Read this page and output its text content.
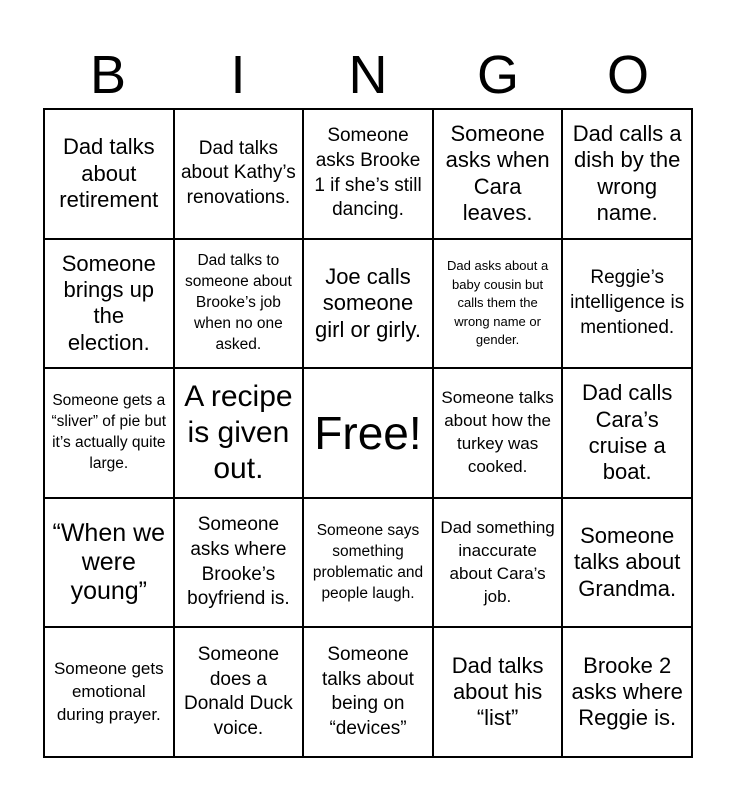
B	I	N	G	O
Dad talks about retirement
Dad talks about Kathy’s renovations.
Someone asks Brooke 1 if she’s still dancing.
Someone asks when Cara leaves.
Dad calls a dish by the wrong name.
Someone brings up the election.
Dad talks to someone about Brooke’s job when no one asked.
Joe calls someone girl or girly.
Dad asks about a baby cousin but calls them the wrong name or gender.
Reggie’s intelligence is mentioned.
Someone gets a “sliver” of pie but it’s actually quite large.
A recipe is given out.
Free!
Someone talks about how the turkey was cooked.
Dad calls Cara’s cruise a boat.
“When we were young”
Someone asks where Brooke’s boyfriend is.
Someone says something problematic and people laugh.
Dad something inaccurate about Cara’s job.
Someone talks about Grandma.
Someone gets emotional during prayer.
Someone does a Donald Duck voice.
Someone talks about being on “devices”
Dad talks about his “list”
Brooke 2 asks where Reggie is.
